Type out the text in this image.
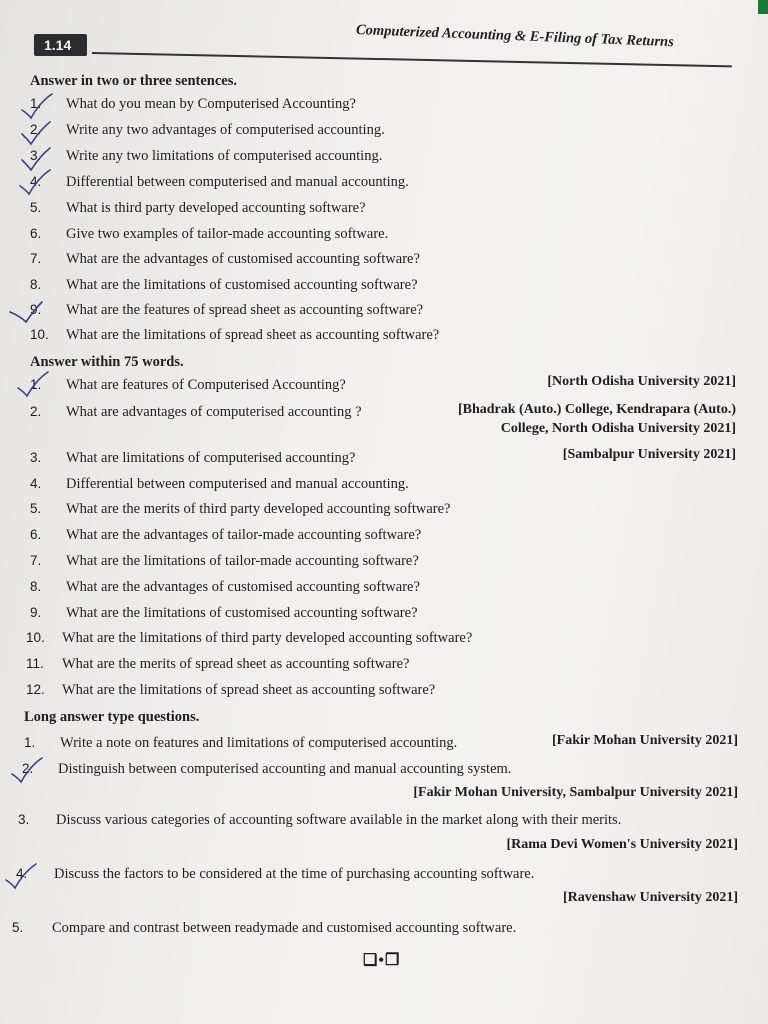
1.14	Computerized Accounting & E-Filing of Tax Returns
Answer in two or three sentences.
1. What do you mean by Computerised Accounting?
2. Write any two advantages of computerised accounting.
3. Write any two limitations of computerised accounting.
4. Differential between computerised and manual accounting.
5. What is third party developed accounting software?
6. Give two examples of tailor-made accounting software.
7. What are the advantages of customised accounting software?
8. What are the limitations of customised accounting software?
9. What are the features of spread sheet as accounting software?
10. What are the limitations of spread sheet as accounting software?
Answer within 75 words.
1. What are features of Computerised Accounting?	[North Odisha University 2021]
2. What are advantages of computerised accounting ?	[Bhadrak (Auto.) College, Kendrapara (Auto.)
College, North Odisha University 2021]
3. What are limitations of computerised accounting?	[Sambalpur University 2021]
4. Differential between computerised and manual accounting.
5. What are the merits of third party developed accounting software?
6. What are the advantages of tailor-made accounting software?
7. What are the limitations of tailor-made accounting software?
8. What are the advantages of customised accounting software?
9. What are the limitations of customised accounting software?
10. What are the limitations of third party developed accounting software?
11. What are the merits of spread sheet as accounting software?
12. What are the limitations of spread sheet as accounting software?
Long answer type questions.
1. Write a note on features and limitations of computerised accounting.	[Fakir Mohan University 2021]
2. Distinguish between computerised accounting and manual accounting system.
[Fakir Mohan University, Sambalpur University 2021]
3. Discuss various categories of accounting software available in the market along with their merits.
[Rama Devi Women's University 2021]
4. Discuss the factors to be considered at the time of purchasing accounting software.
[Ravenshaw University 2021]
5. Compare and contrast between readymade and customised accounting software.
❑•❒
